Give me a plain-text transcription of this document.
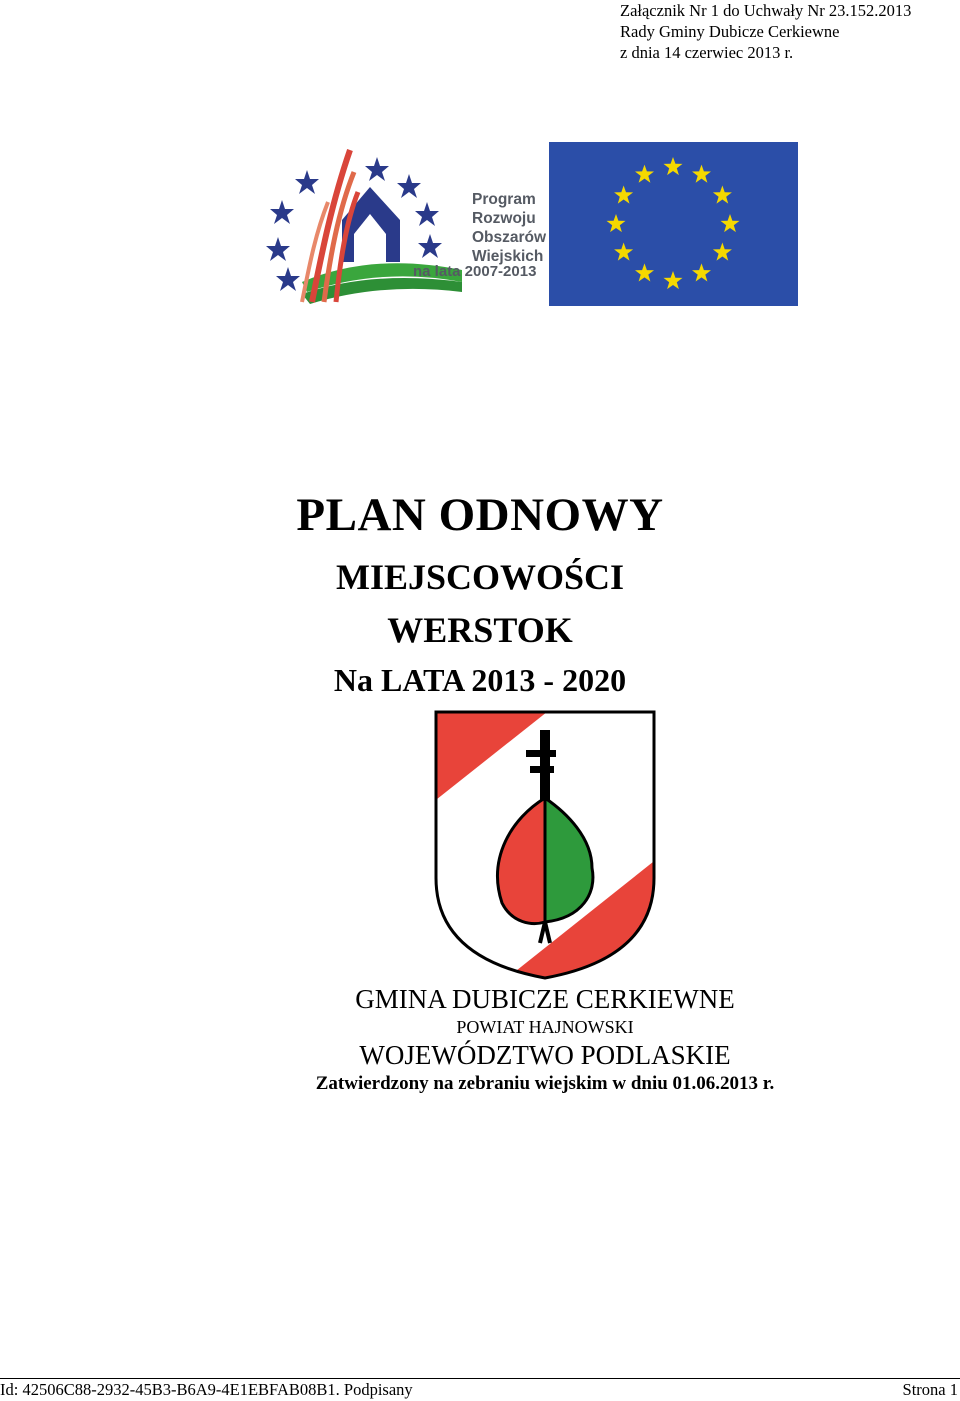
Załącznik Nr 1 do Uchwały Nr 23.152.2013
Rady Gminy Dubicze Cerkiewne
z dnia 14 czerwiec 2013 r.
Program
Rozwoju
Obszarów
Wiejskich
na lata 2007-2013
PLAN ODNOWY
MIEJSCOWOŚCI
WERSTOK
Na LATA 2013 - 2020
GMINA DUBICZE CERKIEWNE
POWIAT HAJNOWSKI
WOJEWÓDZTWO PODLASKIE
Zatwierdzony na zebraniu wiejskim w dniu 01.06.2013 r.
Id: 42506C88-2932-45B3-B6A9-4E1EBFAB08B1. Podpisany	Strona 1
